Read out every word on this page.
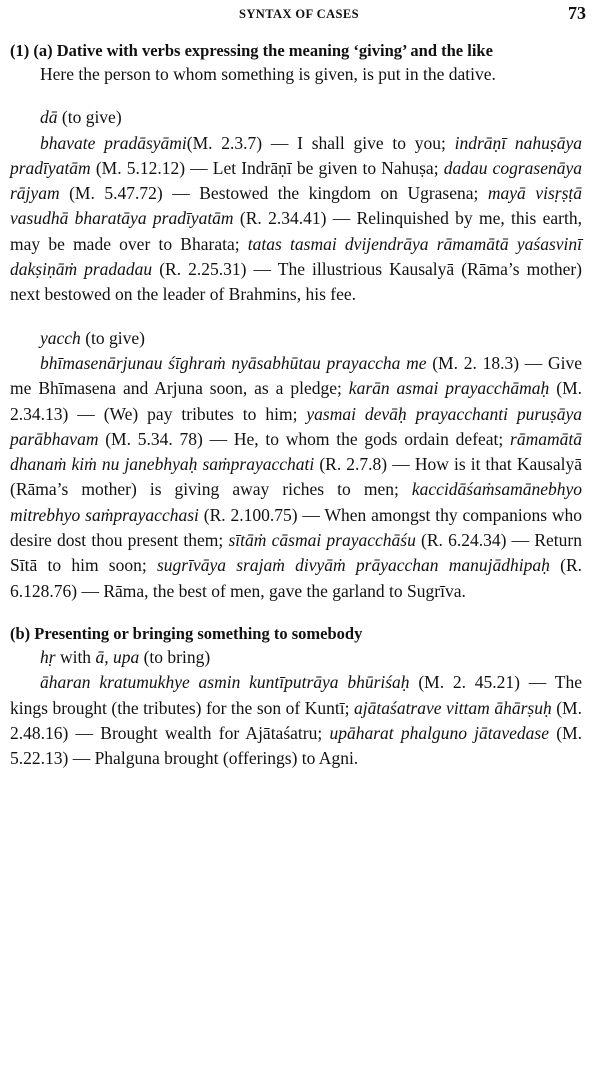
SYNTAX OF CASES	73

(1) (a) Dative with verbs expressing the meaning ‘giving’ and the like

Here the person to whom something is given, is put in the dative.

dā (to give)

bhavate pradāsyāmi(M. 2.3.7) — I shall give to you; indrāṇī nahuṣāya pradīyatām (M. 5.12.12) — Let Indrāṇī be given to Nahuṣa; dadau cograsenāya rājyam (M. 5.47.72) — Bestowed the kingdom on Ugrasena; mayā visṛṣṭā vasudhā bharatāya pradīyatām (R. 2.34.41) — Relinquished by me, this earth, may be made over to Bharata; tatas tasmai dvijendrāya rāmamātā yaśasvinī dakṣiṇāṁ pradadau (R. 2.25.31) — The illustrious Kausalyā (Rāma’s mother) next bestowed on the leader of Brahmins, his fee.

yacch (to give)

bhīmasenārjunau śīghraṁ nyāsabhūtau prayaccha me (M. 2. 18.3) — Give me Bhīmasena and Arjuna soon, as a pledge; karān asmai prayacchāmaḥ (M. 2.34.13) — (We) pay tributes to him; yasmai devāḥ prayacchanti puruṣāya parābhavam (M. 5.34. 78) — He, to whom the gods ordain defeat; rāmamātā dhanaṁ kiṁ nu janebhyaḥ saṁprayacchati (R. 2.7.8) — How is it that Kausalyā (Rāma’s mother) is giving away riches to men; kaccidāśaṁsamānebhyo mitrebhyo saṁprayacchasi (R. 2.100.75) — When amongst thy companions who desire dost thou present them; sītāṁ cāsmai prayacchāśu (R. 6.24.34) — Return Sītā to him soon; sugrīvāya srajaṁ divyāṁ prāyacchan manujādhipaḥ (R. 6.128.76) — Rāma, the best of men, gave the garland to Sugrīva.

(b) Presenting or bringing something to somebody

hṛ with ā, upa (to bring)

āharan kratumukhye asmin kuntīputrāya bhūriśaḥ (M. 2. 45.21) — The kings brought (the tributes) for the son of Kuntī; ajātaśatrave vittam āhārṣuḥ (M. 2.48.16) — Brought wealth for Ajātaśatru; upāharat phalguno jātavedase (M. 5.22.13) — Phalguna brought (offerings) to Agni.
